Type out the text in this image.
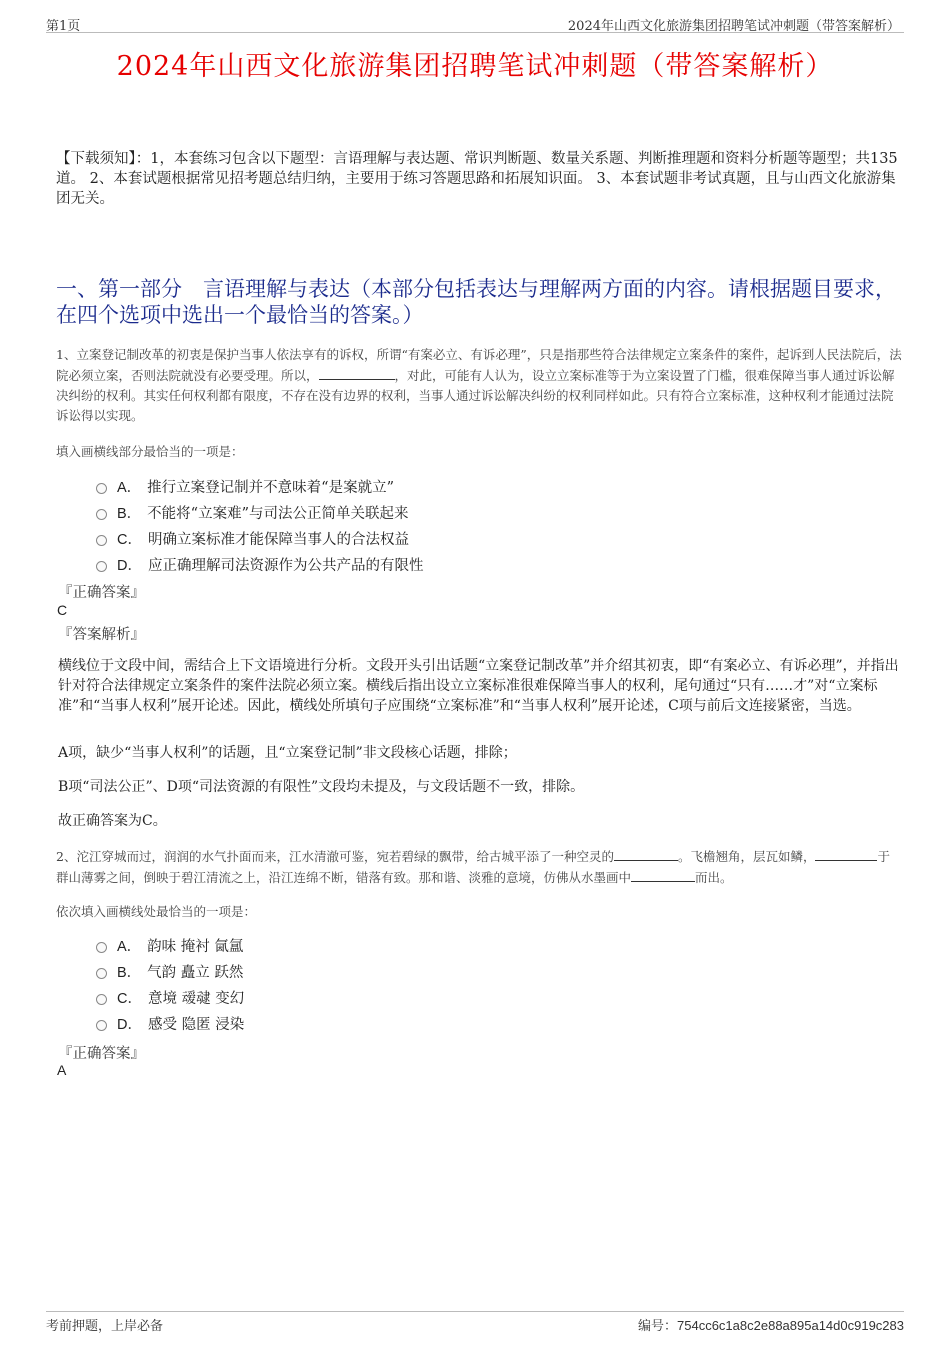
第1页	2024年山西文化旅游集团招聘笔试冲刺题（带答案解析）
2024年山西文化旅游集团招聘笔试冲刺题（带答案解析）
【下载须知】：1，本套练习包含以下题型：言语理解与表达题、常识判断题、数量关系题、判断推理题和资料分析题等题型；共135道。 2、本套试题根据常见招考题总结归纳，主要用于练习答题思路和拓展知识面。 3、本套试题非考试真题，且与山西文化旅游集团无关。
一、第一部分　言语理解与表达（本部分包括表达与理解两方面的内容。请根据题目要求，在四个选项中选出一个最恰当的答案。）
1、立案登记制改革的初衷是保护当事人依法享有的诉权，所谓“有案必立、有诉必理”，只是指那些符合法律规定立案条件的案件，起诉到人民法院后，法院必须立案，否则法院就没有必要受理。所以，	，对此，可能有人认为，设立立案标准等于为立案设置了门槛，很难保障当事人通过诉讼解决纠纷的权利。其实任何权利都有限度，不存在没有边界的权利，当事人通过诉讼解决纠纷的权利同样如此。只有符合立案标准，这种权利才能通过法院诉讼得以实现。
填入画横线部分最恰当的一项是：
A． 推行立案登记制并不意味着“是案就立”
B． 不能将“立案难”与司法公正简单关联起来
C． 明确立案标准才能保障当事人的合法权益
D． 应正确理解司法资源作为公共产品的有限性
『正确答案』
C
『答案解析』
横线位于文段中间，需结合上下文语境进行分析。文段开头引出话题“立案登记制改革”并介绍其初衷，即“有案必立、有诉必理”，并指出针对符合法律规定立案条件的案件法院必须立案。横线后指出设立立案标准很难保障当事人的权利，尾句通过“只有……才”对“立案标准”和“当事人权利”展开论述。因此，横线处所填句子应围绕“立案标准”和“当事人权利”展开论述，C项与前后文连接紧密，当选。
A项，缺少“当事人权利”的话题，且“立案登记制”非文段核心话题，排除；
B项“司法公正”、D项“司法资源的有限性”文段均未提及，与文段话题不一致，排除。
故正确答案为C。
2、沱江穿城而过，润润的水气扑面而来，江水清澈可鉴，宛若碧绿的飘带，给古城平添了一种空灵的	。飞檐翘角，层瓦如鳞，	于群山薄雾之间，倒映于碧江清流之上，沿江连绵不断，错落有致。那和谐、淡雅的意境，仿佛从水墨画中	而出。
依次填入画横线处最恰当的一项是：
A． 韵味 掩衬 氤氲
B． 气韵 矗立 跃然
C． 意境 叆叇 变幻
D． 感受 隐匿 浸染
『正确答案』
A
考前押题，上岸必备	编号：754cc6c1a8c2e88a895a14d0c919c283
